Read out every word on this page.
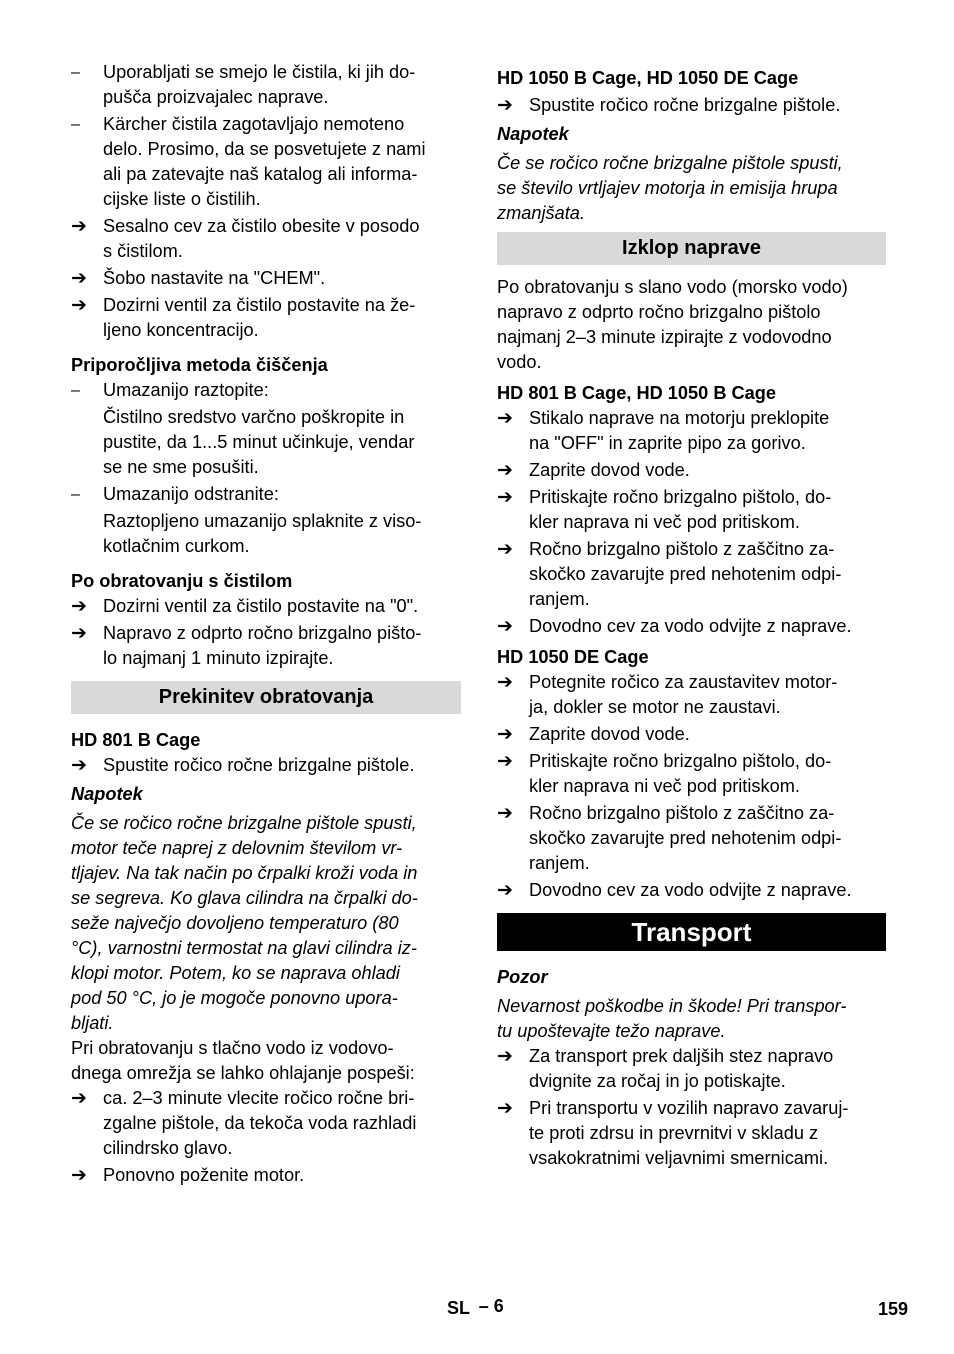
–	Uporabljati se smejo le čistila, ki jih do-
pušča proizvajalec naprave.
–	Kärcher čistila zagotavljajo nemoteno
delo. Prosimo, da se posvetujete z nami
ali pa zatevajte naš katalog ali informa-
cijske liste o čistilih.
➔ Sesalno cev za čistilo obesite v posodo
s čistilom.
➔ Šobo nastavite na "CHEM".
➔ Dozirni ventil za čistilo postavite na že-
ljeno koncentracijo.
Priporočljiva metoda čiščenja
–	Umazanijo raztopite:
Čistilno sredstvo varčno poškropite in
pustite, da 1...5 minut učinkuje, vendar
se ne sme posušiti.
–	Umazanijo odstranite:
Raztopljeno umazanijo splaknite z viso-
kotlačnim curkom.
Po obratovanju s čistilom
➔ Dozirni ventil za čistilo postavite na "0".
➔ Napravo z odprto ročno brizgalno pišto-
lo najmanj 1 minuto izpirajte.
Prekinitev obratovanja
HD 801 B Cage
➔ Spustite ročico ročne brizgalne pištole.
Napotek
Če se ročico ročne brizgalne pištole spusti,
motor teče naprej z delovnim številom vr-
tljajev. Na tak način po črpalki kroži voda in
se segreva. Ko glava cilindra na črpalki do-
seže največjo dovoljeno temperaturo (80
°C), varnostni termostat na glavi cilindra iz-
klopi motor. Potem, ko se naprava ohladi
pod 50 °C, jo je mogoče ponovno upora-
bljati.
Pri obratovanju s tlačno vodo iz vodovo-
dnega omrežja se lahko ohlajanje pospeši:
➔ ca. 2–3 minute vlecite ročico ročne bri-
zgalne pištole, da tekoča voda razhladi
cilindrsko glavo.
➔ Ponovno poženite motor.
HD 1050 B Cage, HD 1050 DE Cage
➔ Spustite ročico ročne brizgalne pištole.
Napotek
Če se ročico ročne brizgalne pištole spusti,
se število vrtljajev motorja in emisija hrupa
zmanjšata.
Izklop naprave
Po obratovanju s slano vodo (morsko vodo)
napravo z odprto ročno brizgalno pištolo
najmanj 2–3 minute izpirajte z vodovodno
vodo.
HD 801 B Cage, HD 1050 B Cage
➔ Stikalo naprave na motorju preklopite
na "OFF" in zaprite pipo za gorivo.
➔ Zaprite dovod vode.
➔ Pritiskajte ročno brizgalno pištolo, do-
kler naprava ni več pod pritiskom.
➔ Ročno brizgalno pištolo z zaščitno za-
skočko zavarujte pred nehotenim odpi-
ranjem.
➔ Dovodno cev za vodo odvijte z naprave.
HD 1050 DE Cage
➔ Potegnite ročico za zaustavitev motor-
ja, dokler se motor ne zaustavi.
➔ Zaprite dovod vode.
➔ Pritiskajte ročno brizgalno pištolo, do-
kler naprava ni več pod pritiskom.
➔ Ročno brizgalno pištolo z zaščitno za-
skočko zavarujte pred nehotenim odpi-
ranjem.
➔ Dovodno cev za vodo odvijte z naprave.
Transport
Pozor
Nevarnost poškodbe in škode! Pri transpor-
tu upoštevajte težo naprave.
➔ Za transport prek daljših stez napravo
dvignite za ročaj in jo potiskajte.
➔ Pri transportu v vozilih napravo zavaruj-
te proti zdrsu in prevrnitvi v skladu z
vsakokratnimi veljavnimi smernicami.
SL – 6	159
